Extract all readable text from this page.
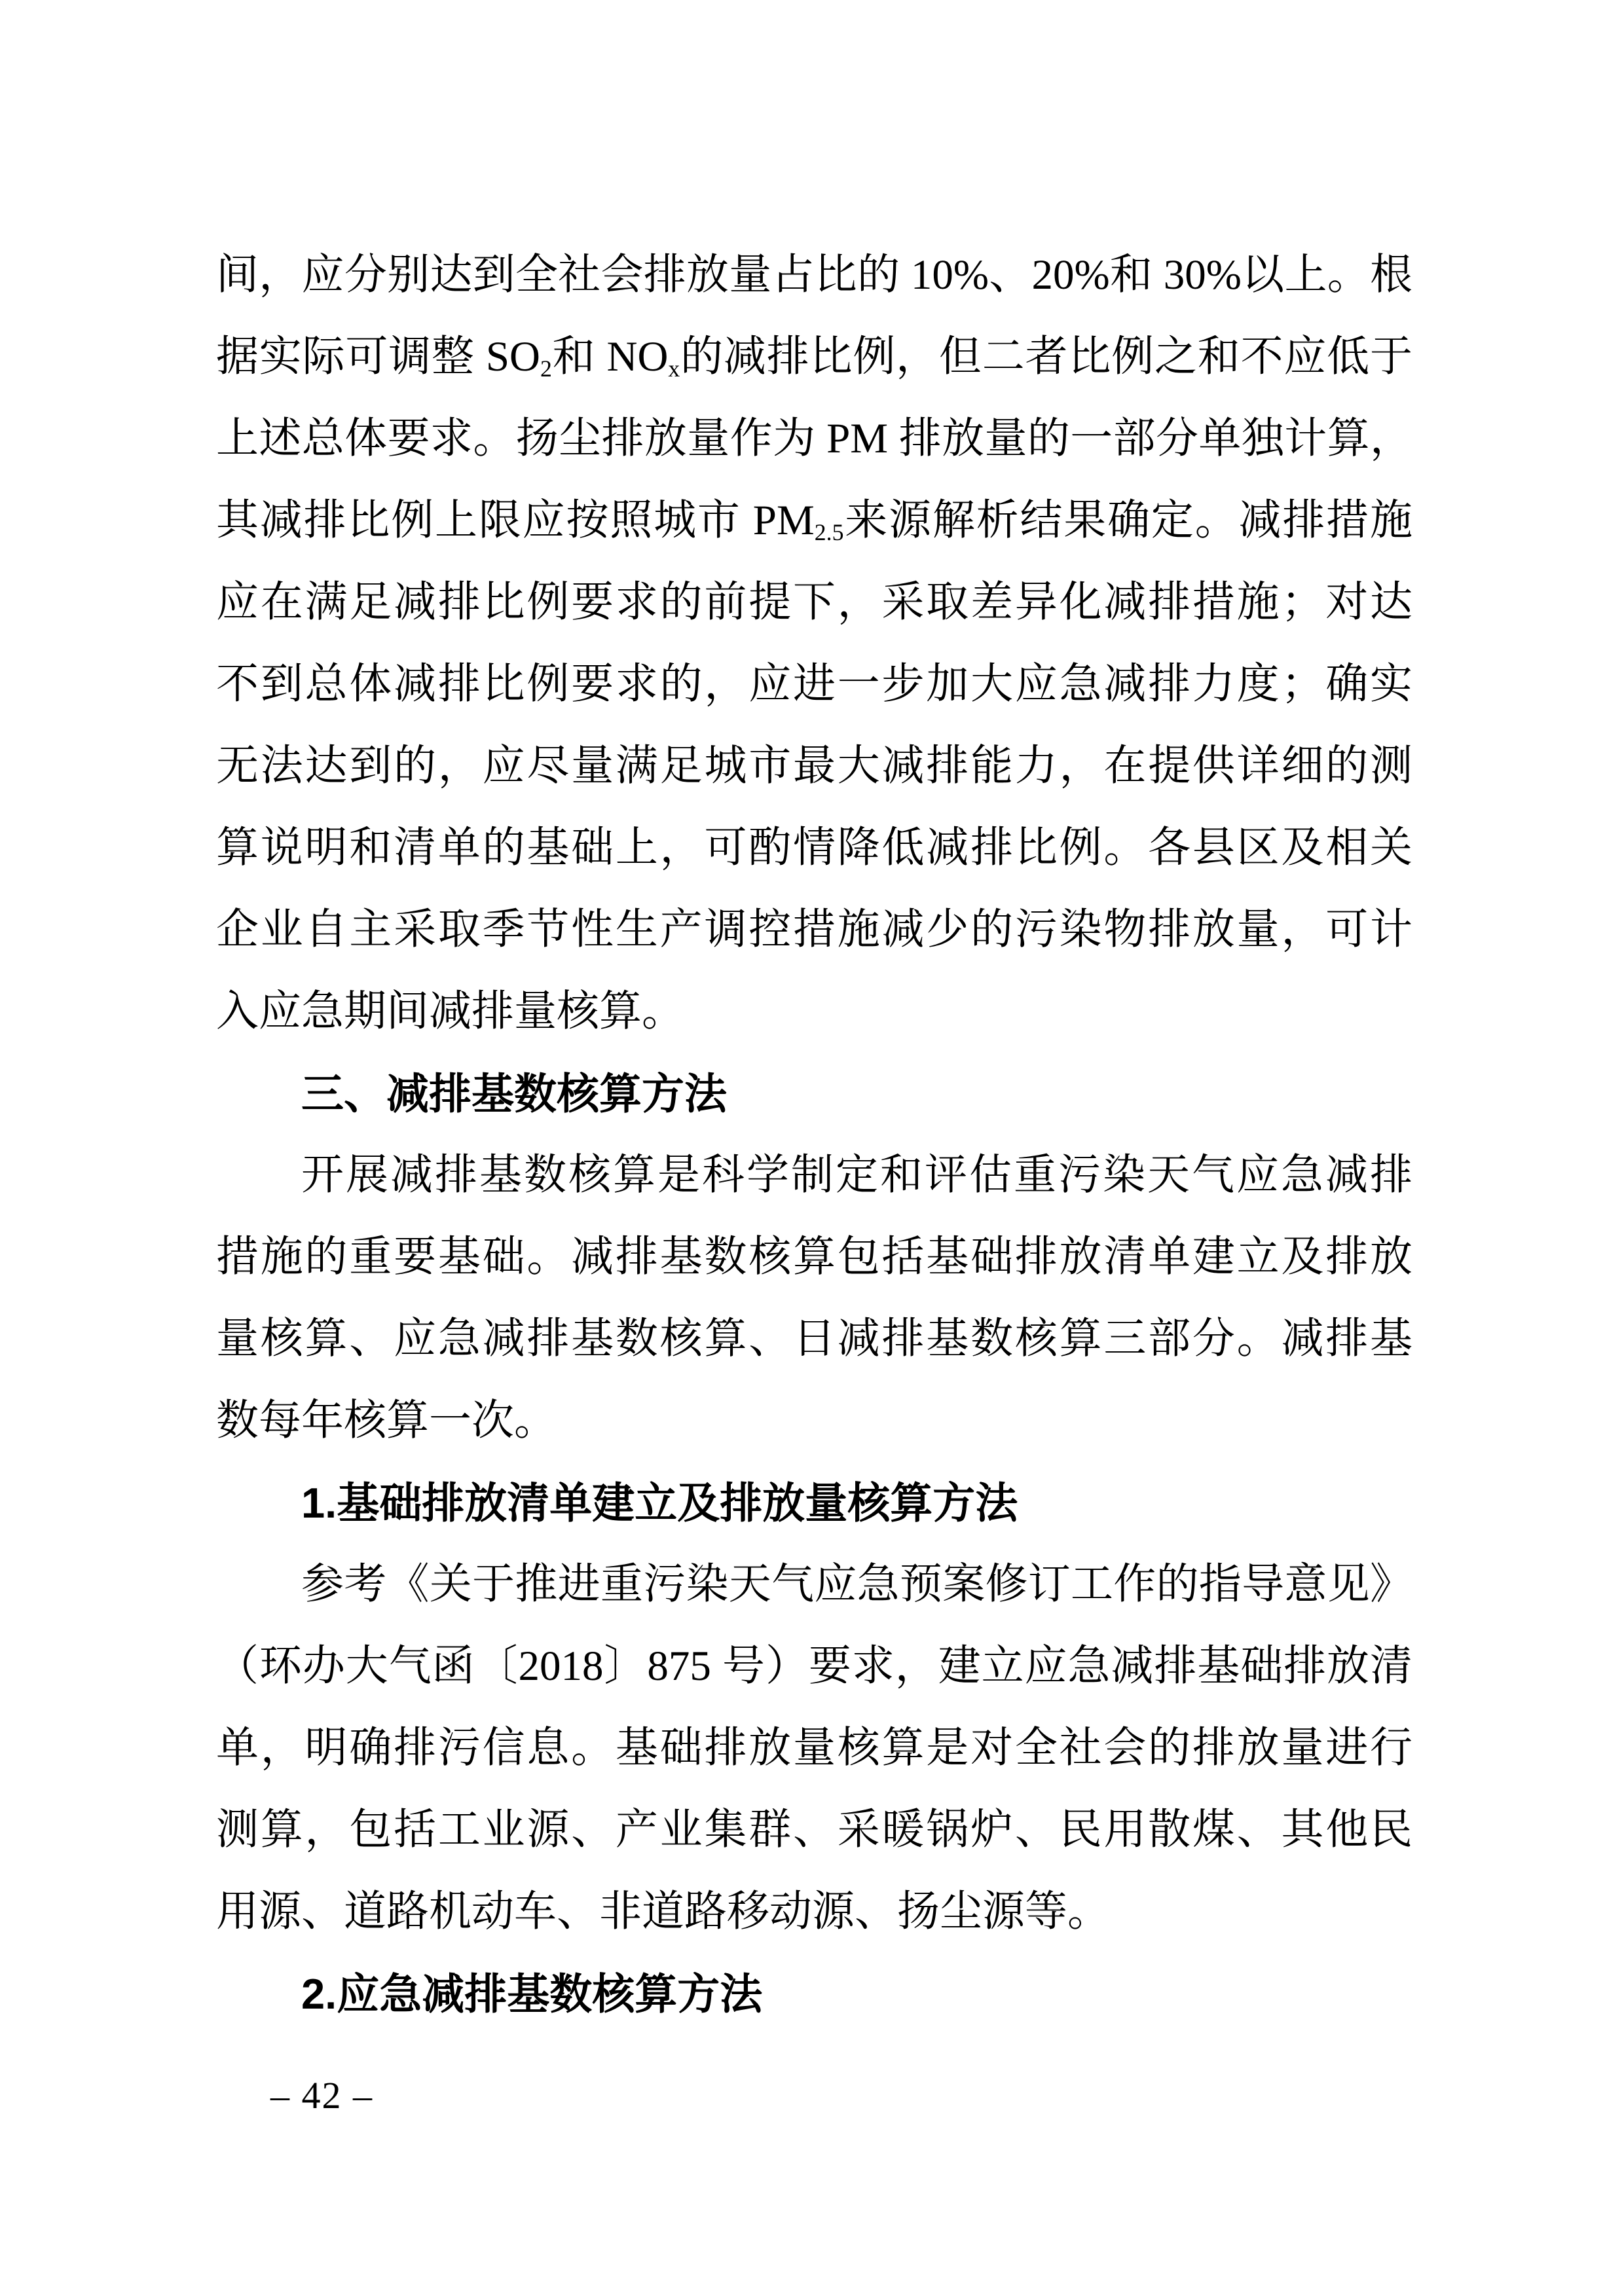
间，应分别达到全社会排放量占比的 10%、20%和 30%以上。根
据实际可调整 $SO_2$和 $NO_x$的减排比例，但二者比例之和不应低于
上述总体要求。扬尘排放量作为 PM 排放量的一部分单独计算，
其减排比例上限应按照城市 $PM_{2.5}$来源解析结果确定。减排措施
应在满足减排比例要求的前提下，采取差异化减排措施；对达
不到总体减排比例要求的，应进一步加大应急减排力度；确实
无法达到的，应尽量满足城市最大减排能力，在提供详细的测
算说明和清单的基础上，可酌情降低减排比例。各县区及相关
企业自主采取季节性生产调控措施减少的污染物排放量，可计
入应急期间减排量核算。
三、减排基数核算方法
开展减排基数核算是科学制定和评估重污染天气应急减排
措施的重要基础。减排基数核算包括基础排放清单建立及排放
量核算、应急减排基数核算、日减排基数核算三部分。减排基
数每年核算一次。
1.基础排放清单建立及排放量核算方法
参考《关于推进重污染天气应急预案修订工作的指导意见》
（环办大气函〔2018〕875 号）要求，建立应急减排基础排放清
单，明确排污信息。基础排放量核算是对全社会的排放量进行
测算，包括工业源、产业集群、采暖锅炉、民用散煤、其他民
用源、道路机动车、非道路移动源、扬尘源等。
2.应急减排基数核算方法
– 42 –
